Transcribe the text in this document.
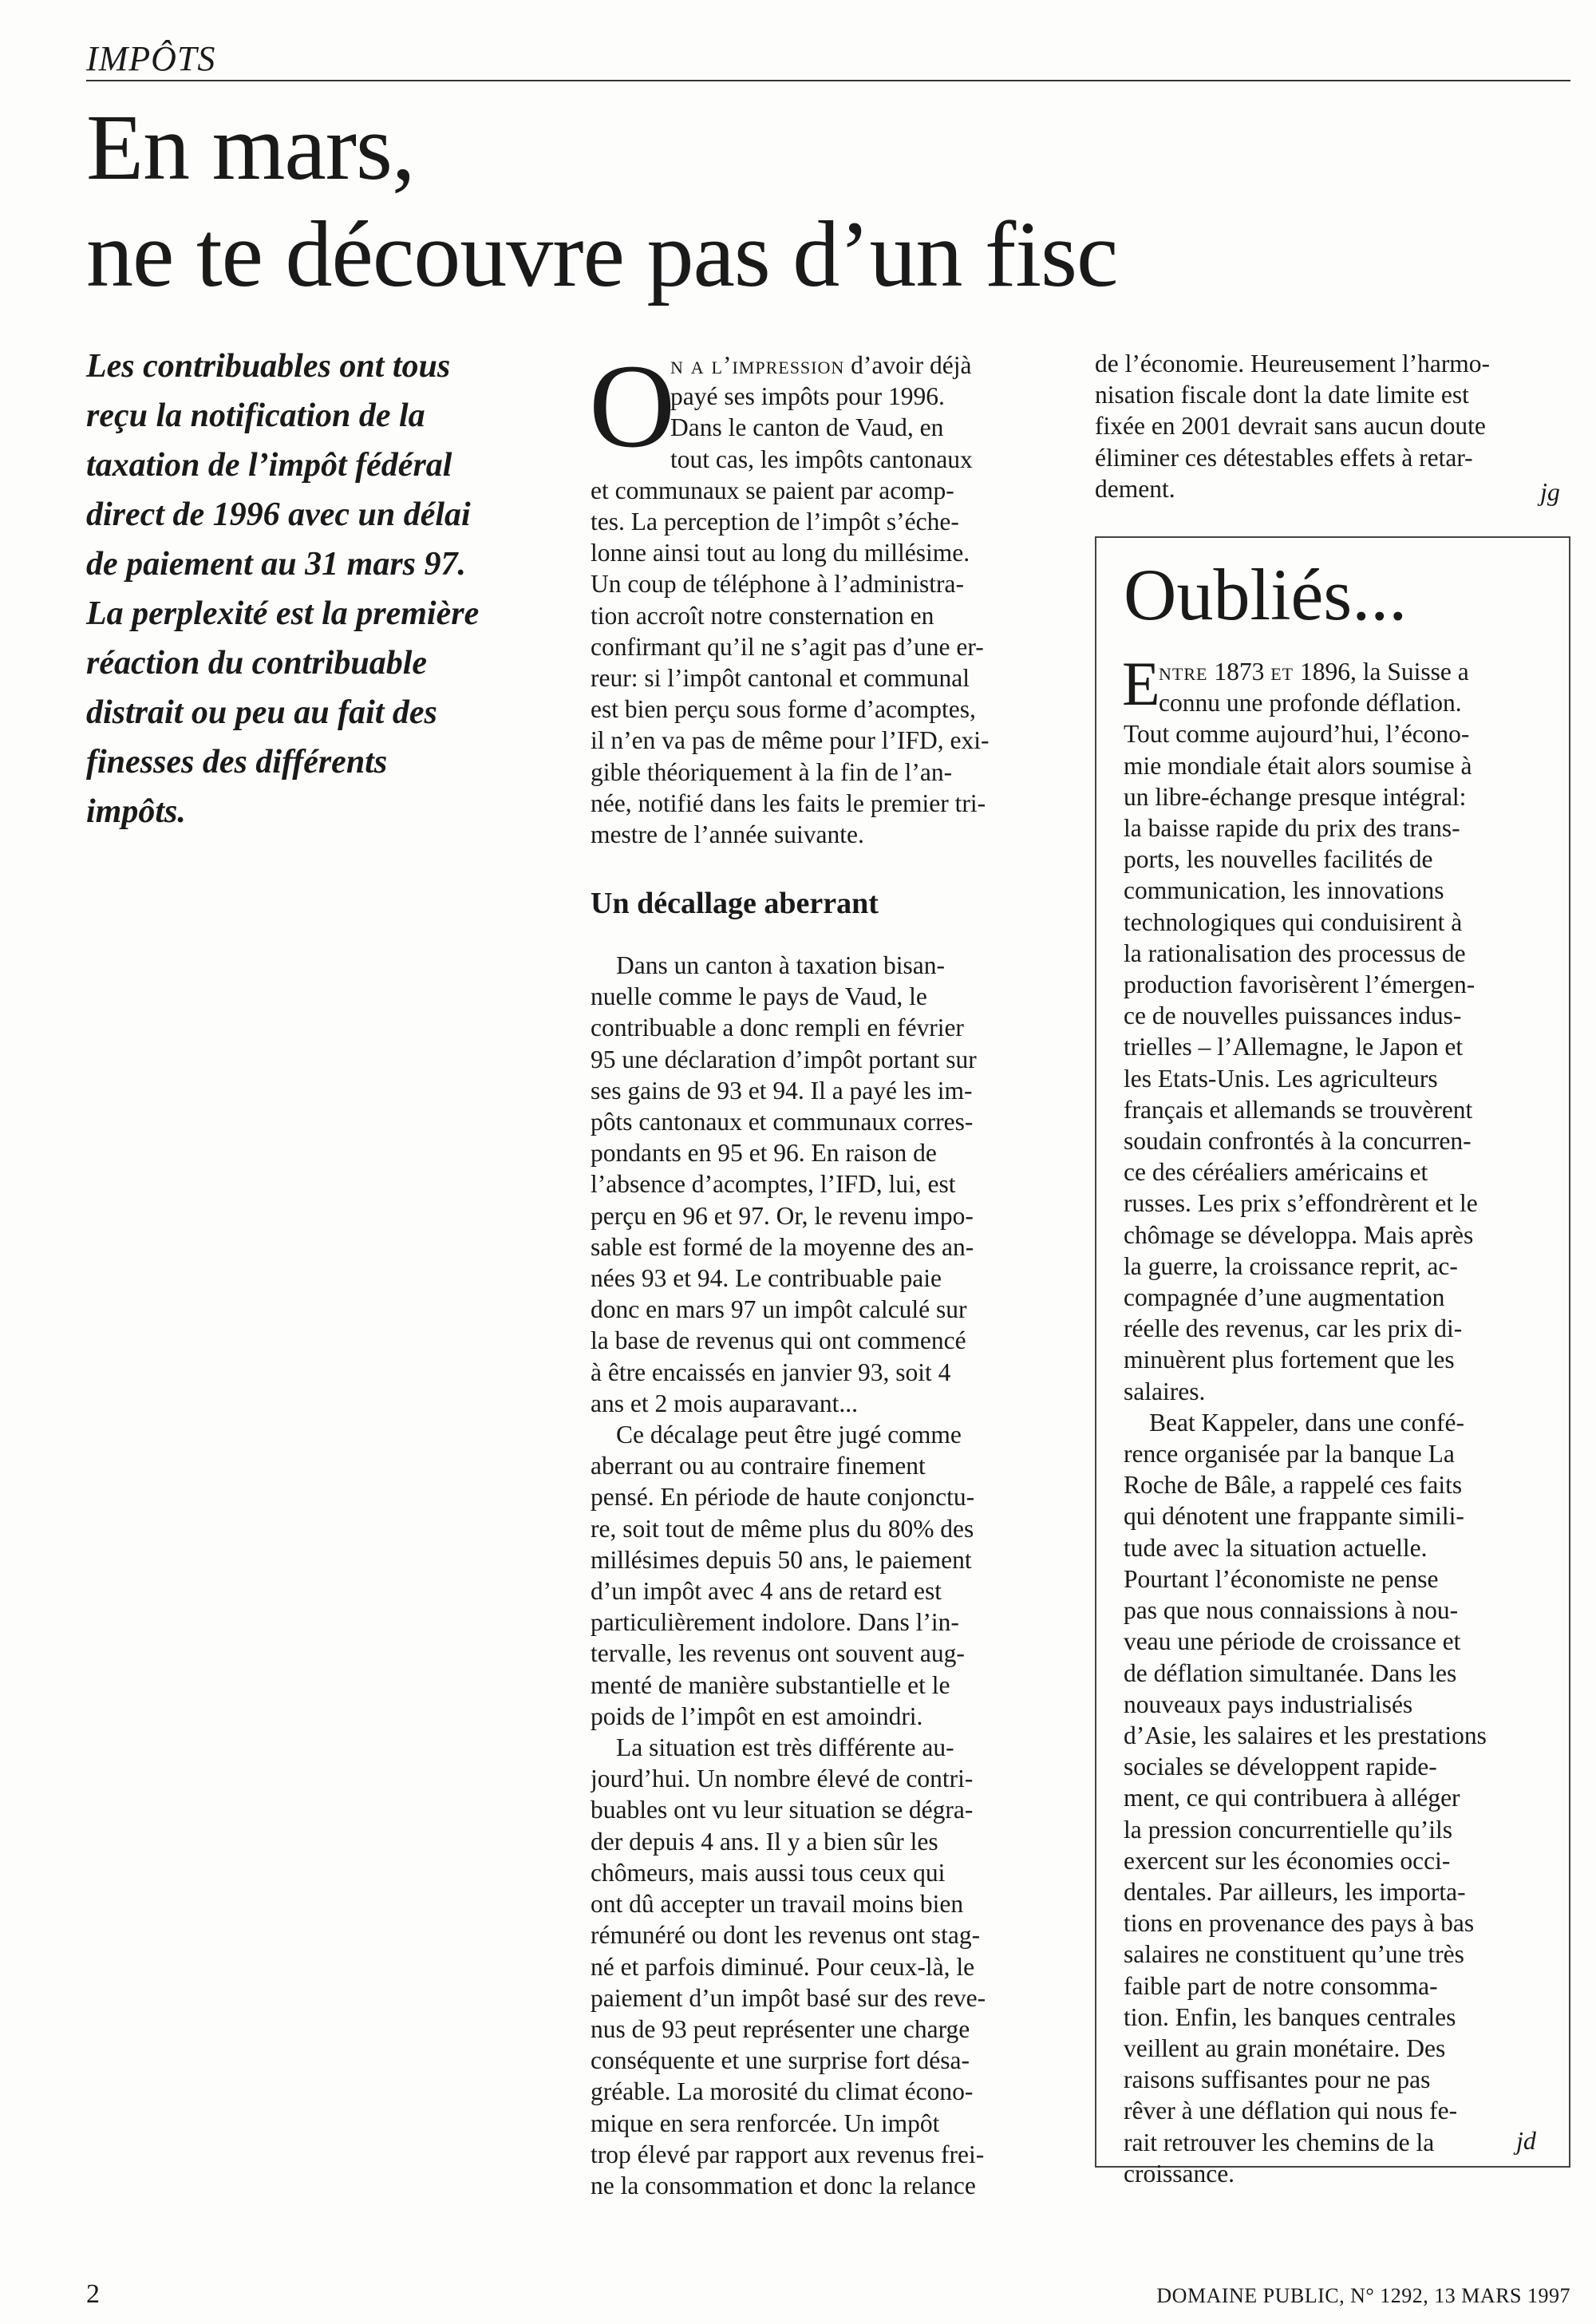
IMPÔTS
En mars,
ne te découvre pas d’un fisc
Les contribuables ont tous
reçu la notification de la
taxation de l’impôt fédéral
direct de 1996 avec un délai
de paiement au 31 mars 97.
La perplexité est la première
réaction du contribuable
distrait ou peu au fait des
finesses des différents
impôts.
O
n a l’impression d’avoir déjà
payé ses impôts pour 1996.
Dans le canton de Vaud, en
tout cas, les impôts cantonaux
et communaux se paient par acomp-
tes. La perception de l’impôt s’éche-
lonne ainsi tout au long du millésime.
Un coup de téléphone à l’administra-
tion accroît notre consternation en
confirmant qu’il ne s’agit pas d’une er-
reur: si l’impôt cantonal et communal
est bien perçu sous forme d’acomptes,
il n’en va pas de même pour l’IFD, exi-
gible théoriquement à la fin de l’an-
née, notifié dans les faits le premier tri-
mestre de l’année suivante.
Un décallage aberrant
Dans un canton à taxation bisan-
nuelle comme le pays de Vaud, le
contribuable a donc rempli en février
95 une déclaration d’impôt portant sur
ses gains de 93 et 94. Il a payé les im-
pôts cantonaux et communaux corres-
pondants en 95 et 96. En raison de
l’absence d’acomptes, l’IFD, lui, est
perçu en 96 et 97. Or, le revenu impo-
sable est formé de la moyenne des an-
nées 93 et 94. Le contribuable paie
donc en mars 97 un impôt calculé sur
la base de revenus qui ont commencé
à être encaissés en janvier 93, soit 4
ans et 2 mois auparavant...
Ce décalage peut être jugé comme
aberrant ou au contraire finement
pensé. En période de haute conjonctu-
re, soit tout de même plus du 80% des
millésimes depuis 50 ans, le paiement
d’un impôt avec 4 ans de retard est
particulièrement indolore. Dans l’in-
tervalle, les revenus ont souvent aug-
menté de manière substantielle et le
poids de l’impôt en est amoindri.
La situation est très différente au-
jourd’hui. Un nombre élevé de contri-
buables ont vu leur situation se dégra-
der depuis 4 ans. Il y a bien sûr les
chômeurs, mais aussi tous ceux qui
ont dû accepter un travail moins bien
rémunéré ou dont les revenus ont stag-
né et parfois diminué. Pour ceux-là, le
paiement d’un impôt basé sur des reve-
nus de 93 peut représenter une charge
conséquente et une surprise fort désa-
gréable. La morosité du climat écono-
mique en sera renforcée. Un impôt
trop élevé par rapport aux revenus frei-
ne la consommation et donc la relance
de l’économie. Heureusement l’harmo-
nisation fiscale dont la date limite est
fixée en 2001 devrait sans aucun doute
éliminer ces détestables effets à retar-
dement.	jg
Oubliés...
E
ntre 1873 et 1896, la Suisse a
connu une profonde déflation.
Tout comme aujourd’hui, l’écono-
mie mondiale était alors soumise à
un libre-échange presque intégral:
la baisse rapide du prix des trans-
ports, les nouvelles facilités de
communication, les innovations
technologiques qui conduisirent à
la rationalisation des processus de
production favorisèrent l’émergen-
ce de nouvelles puissances indus-
trielles – l’Allemagne, le Japon et
les Etats-Unis. Les agriculteurs
français et allemands se trouvèrent
soudain confrontés à la concurren-
ce des céréaliers américains et
russes. Les prix s’effondrèrent et le
chômage se développa. Mais après
la guerre, la croissance reprit, ac-
compagnée d’une augmentation
réelle des revenus, car les prix di-
minuèrent plus fortement que les
salaires.
Beat Kappeler, dans une confé-
rence organisée par la banque La
Roche de Bâle, a rappelé ces faits
qui dénotent une frappante simili-
tude avec la situation actuelle.
Pourtant l’économiste ne pense
pas que nous connaissions à nou-
veau une période de croissance et
de déflation simultanée. Dans les
nouveaux pays industrialisés
d’Asie, les salaires et les prestations
sociales se développent rapide-
ment, ce qui contribuera à alléger
la pression concurrentielle qu’ils
exercent sur les économies occi-
dentales. Par ailleurs, les importa-
tions en provenance des pays à bas
salaires ne constituent qu’une très
faible part de notre consomma-
tion. Enfin, les banques centrales
veillent au grain monétaire. Des
raisons suffisantes pour ne pas
rêver à une déflation qui nous fe-
rait retrouver les chemins de la
croissance.
jd
2	DOMAINE PUBLIC, N° 1292, 13 MARS 1997
